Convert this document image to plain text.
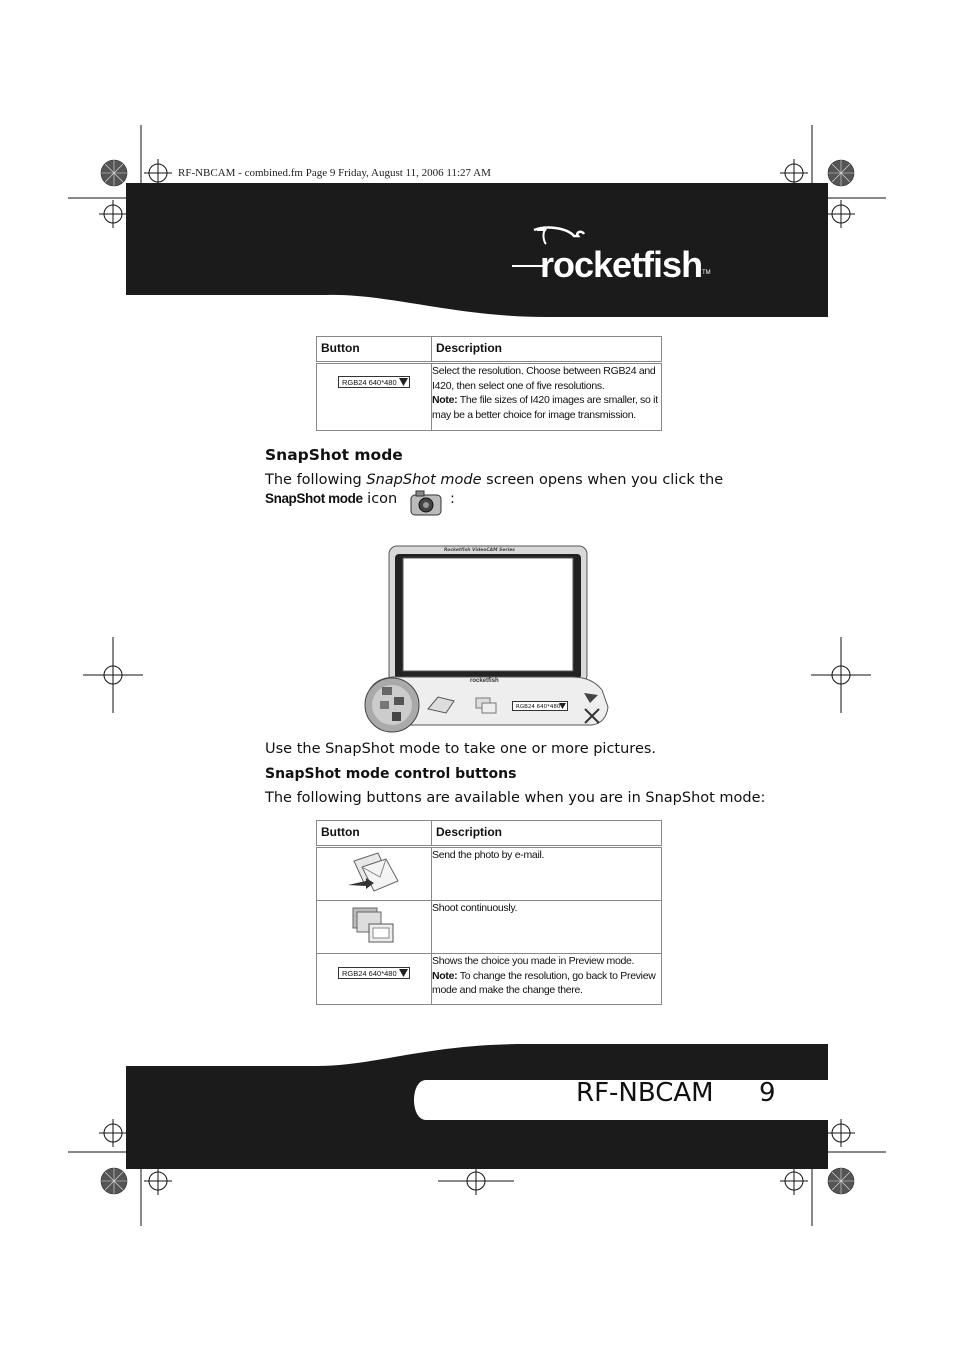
RF-NBCAM - combined.fm Page 9 Friday, August 11, 2006 11:27 AM
rocketfish TM
Button	Description

RGB24 640*480	Select the resolution. Choose between RGB24 and I420, then select one of five resolutions.
Note: The file sizes of I420 images are smaller, so it may be a better choice for image transmission.
SnapShot mode
The following SnapShot mode screen opens when you click the
SnapShot mode icon	:
Rocketfish VideoCAM Series
rocketfish
RGB24 640*480
Use the SnapShot mode to take one or more pictures.
SnapShot mode control buttons
The following buttons are available when you are in SnapShot mode:
Button	Description
	Send the photo by e-mail.
	Shoot continuously.

RGB24 640*480	Shows the choice you made in Preview mode.
Note: To change the resolution, go back to Preview mode and make the change there.
RF-NBCAM 9
